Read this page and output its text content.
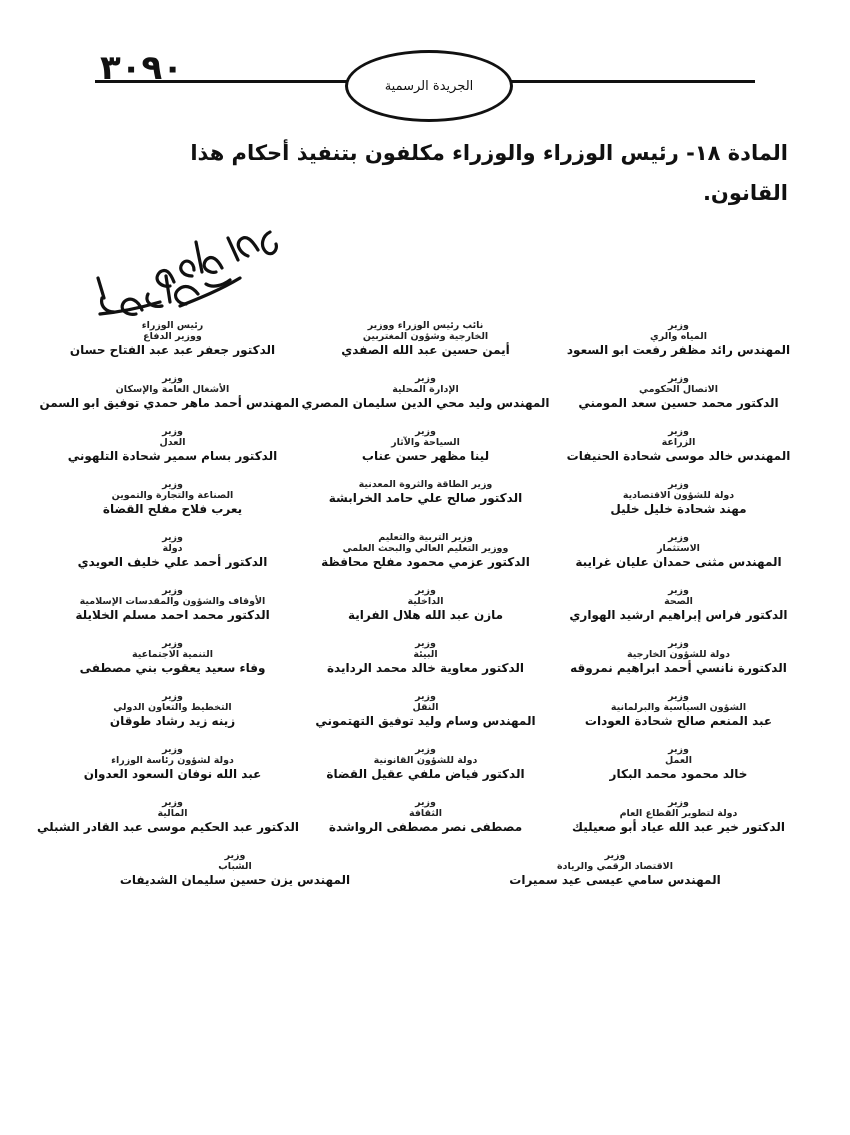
٣٠٩٠	الجريدة الرسمية
المادة ١٨- رئيس الوزراء والوزراء مكلفون بتنفيذ أحكام هذا القانون.
وزير
المياه والري
المهندس رائد مظفر رفعت ابو السعود
نائب رئيس الوزراء ووزير
الخارجية وشؤون المغتربين
أيمن حسين عبد الله الصفدي
رئيس الوزراء
ووزير الدفاع
الدكتور جعفر عبد عبد الفتاح حسان
وزير
الاتصال الحكومي
الدكتور محمد حسين سعد المومني
وزير
الإدارة المحلية
المهندس وليد محي الدين سليمان المصري
وزير
الأشغال العامة والإسكان
المهندس أحمد ماهر حمدي توفيق ابو السمن
وزير
الزراعة
المهندس خالد موسى شحادة الحنيفات
وزير
السياحة والآثار
لينا مظهر حسن عناب
وزير
العدل
الدكتور بسام سمير شحادة التلهوني
وزير
دولة للشؤون الاقتصادية
مهند شحادة خليل خليل
وزير الطاقة والثروة المعدنية
الدكتور صالح علي حامد الخرابشة
وزير
الصناعة والتجارة والتموين
يعرب فلاح مفلح القضاة
وزير
الاستثمار
المهندس مثنى حمدان عليان غرايبة
وزير التربية والتعليم
ووزير التعليم العالي والبحث العلمي
الدكتور عزمي محمود مفلح محافظة
وزير
دولة
الدكتور أحمد علي خليف العويدي
وزير
الصحة
الدكتور فراس إبراهيم ارشيد الهواري
وزير
الداخلية
مازن عبد الله هلال الفراية
وزير
الأوقاف والشؤون والمقدسات الإسلامية
الدكتور محمد احمد مسلم الخلايلة
وزير
دولة للشؤون الخارجية
الدكتورة نانسي أحمد ابراهيم نمروقه
وزير
البيئة
الدكتور معاوية خالد محمد الردايدة
وزير
التنمية الاجتماعية
وفاء سعيد يعقوب بني مصطفى
وزير
الشؤون السياسية والبرلمانية
عبد المنعم صالح شحادة العودات
وزير
النقل
المهندس وسام وليد توفيق التهتموني
وزير
التخطيط والتعاون الدولي
زينه زيد رشاد طوقان
وزير
العمل
خالد محمود محمد البكار
وزير
دولة للشؤون القانونية
الدكتور فياض ملفي عقيل القضاة
وزير
دولة لشؤون رئاسة الوزراء
عبد الله نوفان السعود العدوان
وزير
دولة لتطوير القطاع العام
الدكتور خير عبد الله عياد أبو صعيليك
وزير
الثقافة
مصطفى نصر مصطفى الرواشدة
وزير
المالية
الدكتور عبد الحكيم موسى عبد القادر الشبلي
وزير
الاقتصاد الرقمي والريادة
المهندس سامي عيسى عيد سميرات
وزير
الشباب
المهندس يزن حسين سليمان الشديفات
